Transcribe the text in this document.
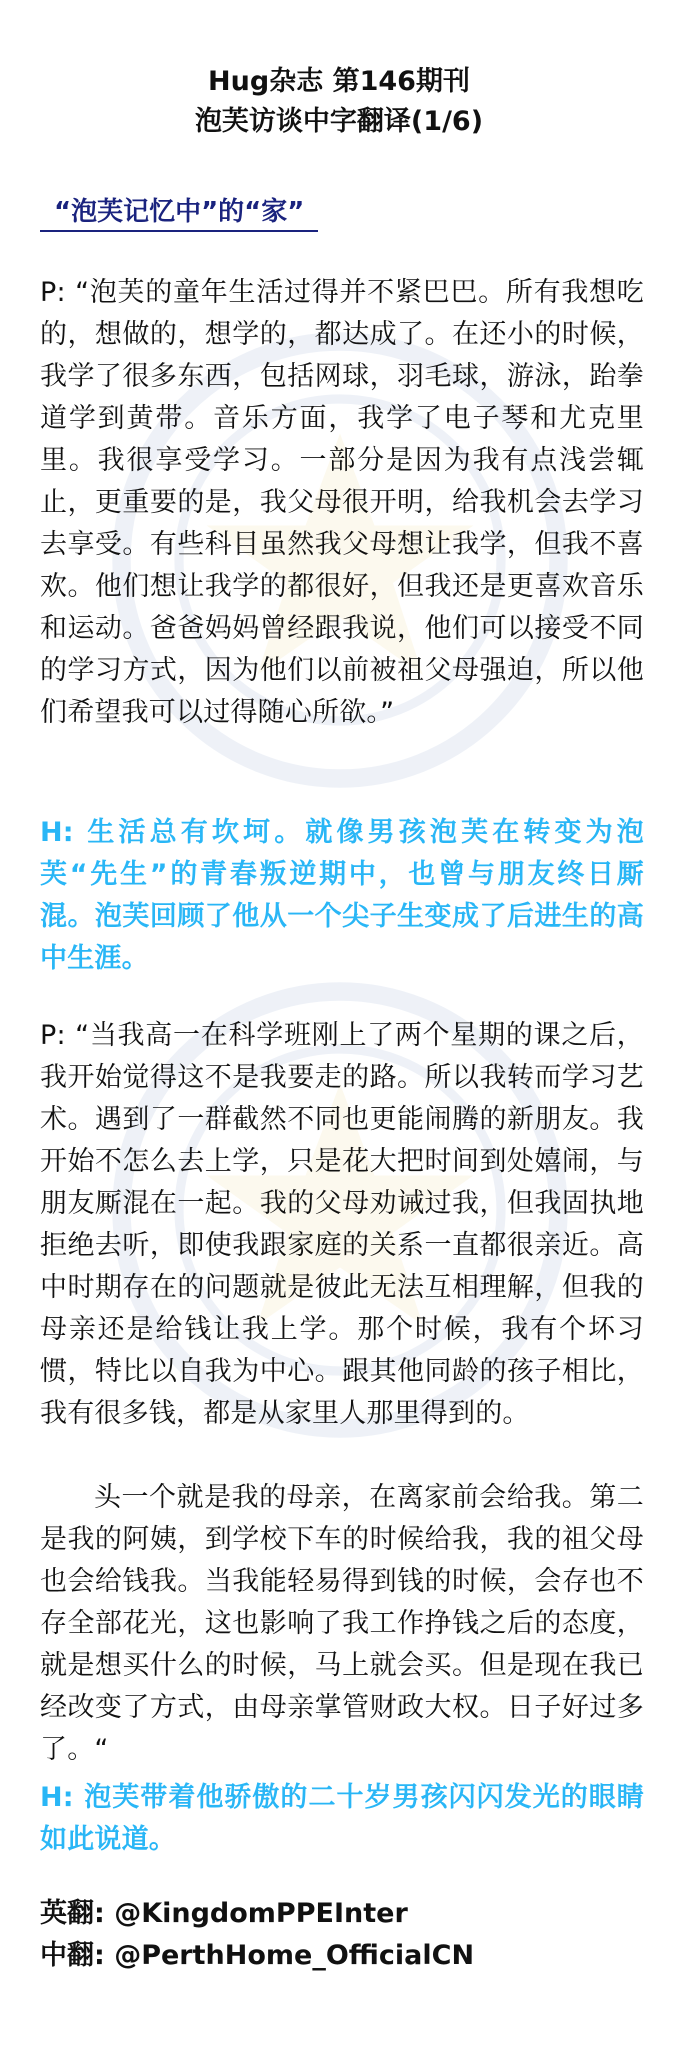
Hug杂志 第146期刊
泡芙访谈中字翻译(1/6)
“泡芙记忆中”的“家”
P: “泡芙的童年生活过得并不紧巴巴。所有我想吃的，想做的，想学的，都达成了。在还小的时候，我学了很多东西，包括网球，羽毛球，游泳，跆拳道学到黄带。音乐方面，我学了电子琴和尤克里里。我很享受学习。一部分是因为我有点浅尝辄止，更重要的是，我父母很开明，给我机会去学习去享受。有些科目虽然我父母想让我学，但我不喜欢。他们想让我学的都很好，但我还是更喜欢音乐和运动。爸爸妈妈曾经跟我说，他们可以接受不同的学习方式，因为他们以前被祖父母强迫，所以他们希望我可以过得随心所欲。”
H: 生活总有坎坷。就像男孩泡芙在转变为泡芙“先生”的青春叛逆期中，也曾与朋友终日厮混。泡芙回顾了他从一个尖子生变成了后进生的高中生涯。
P: “当我高一在科学班刚上了两个星期的课之后，我开始觉得这不是我要走的路。所以我转而学习艺术。遇到了一群截然不同也更能闹腾的新朋友。我开始不怎么去上学，只是花大把时间到处嬉闹，与朋友厮混在一起。我的父母劝诫过我，但我固执地拒绝去听，即使我跟家庭的关系一直都很亲近。高中时期存在的问题就是彼此无法互相理解，但我的母亲还是给钱让我上学。那个时候，我有个坏习惯，特比以自我为中心。跟其他同龄的孩子相比，我有很多钱，都是从家里人那里得到的。
头一个就是我的母亲，在离家前会给我。第二是我的阿姨，到学校下车的时候给我，我的祖父母也会给钱我。当我能轻易得到钱的时候，会存也不存全部花光，这也影响了我工作挣钱之后的态度，就是想买什么的时候，马上就会买。但是现在我已经改变了方式，由母亲掌管财政大权。日子好过多了。“
H: 泡芙带着他骄傲的二十岁男孩闪闪发光的眼睛如此说道。
英翻: @KingdomPPEInter
中翻: @PerthHome_OfficialCN
